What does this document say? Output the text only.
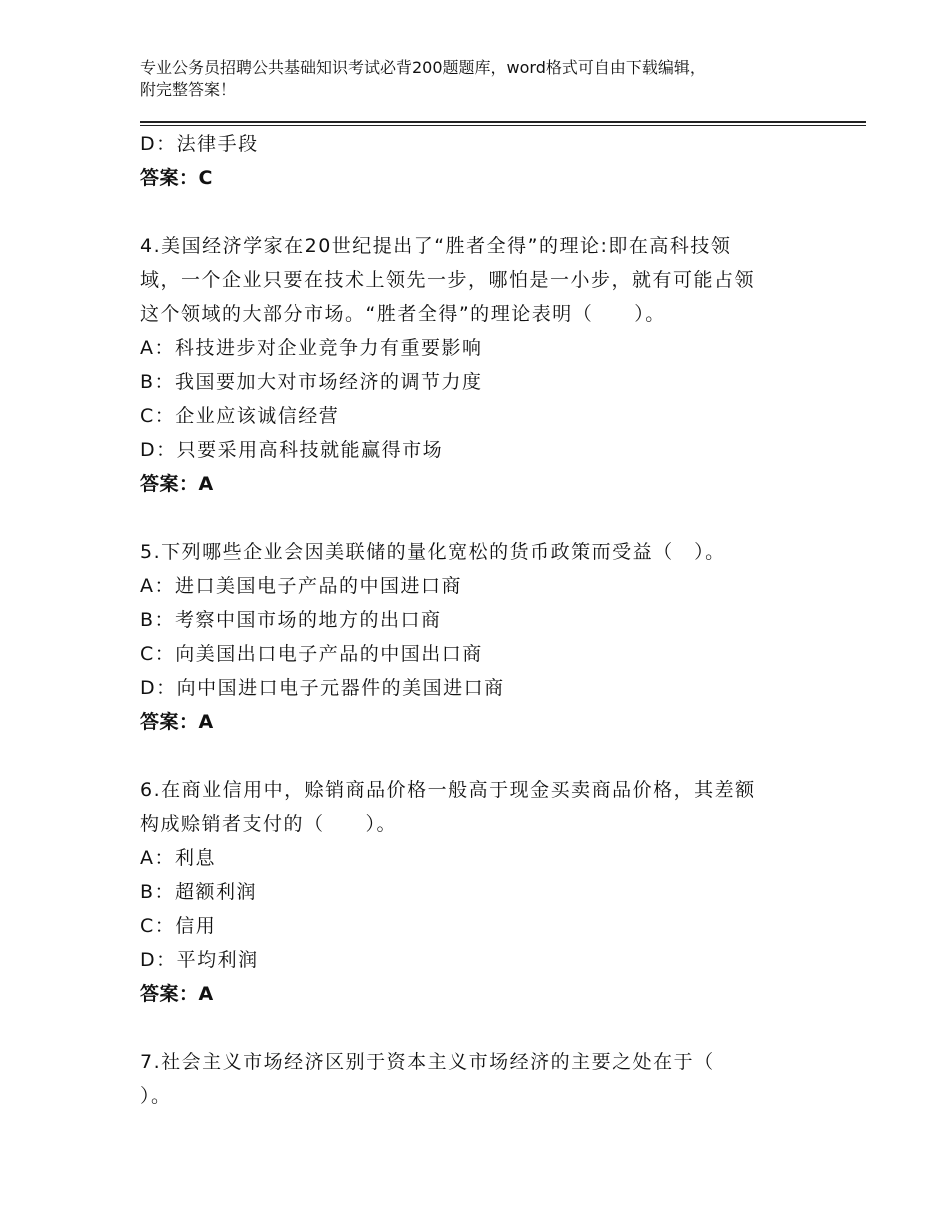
专业公务员招聘公共基础知识考试必背200题题库，word格式可自由下载编辑，
附完整答案！
D：法律手段
答案：C
4.美国经济学家在20世纪提出了“胜者全得”的理论:即在高科技领
域，一个企业只要在技术上领先一步，哪怕是一小步，就有可能占领
这个领域的大部分市场。“胜者全得”的理论表明（　　）。
A：科技进步对企业竞争力有重要影响
B：我国要加大对市场经济的调节力度
C：企业应该诚信经营
D：只要采用高科技就能赢得市场
答案：A
5.下列哪些企业会因美联储的量化宽松的货币政策而受益（　）。
A：进口美国电子产品的中国进口商
B：考察中国市场的地方的出口商
C：向美国出口电子产品的中国出口商
D：向中国进口电子元器件的美国进口商
答案：A
6.在商业信用中，赊销商品价格一般高于现金买卖商品价格，其差额
构成赊销者支付的（　　）。
A：利息
B：超额利润
C：信用
D：平均利润
答案：A
7.社会主义市场经济区别于资本主义市场经济的主要之处在于（
）。
